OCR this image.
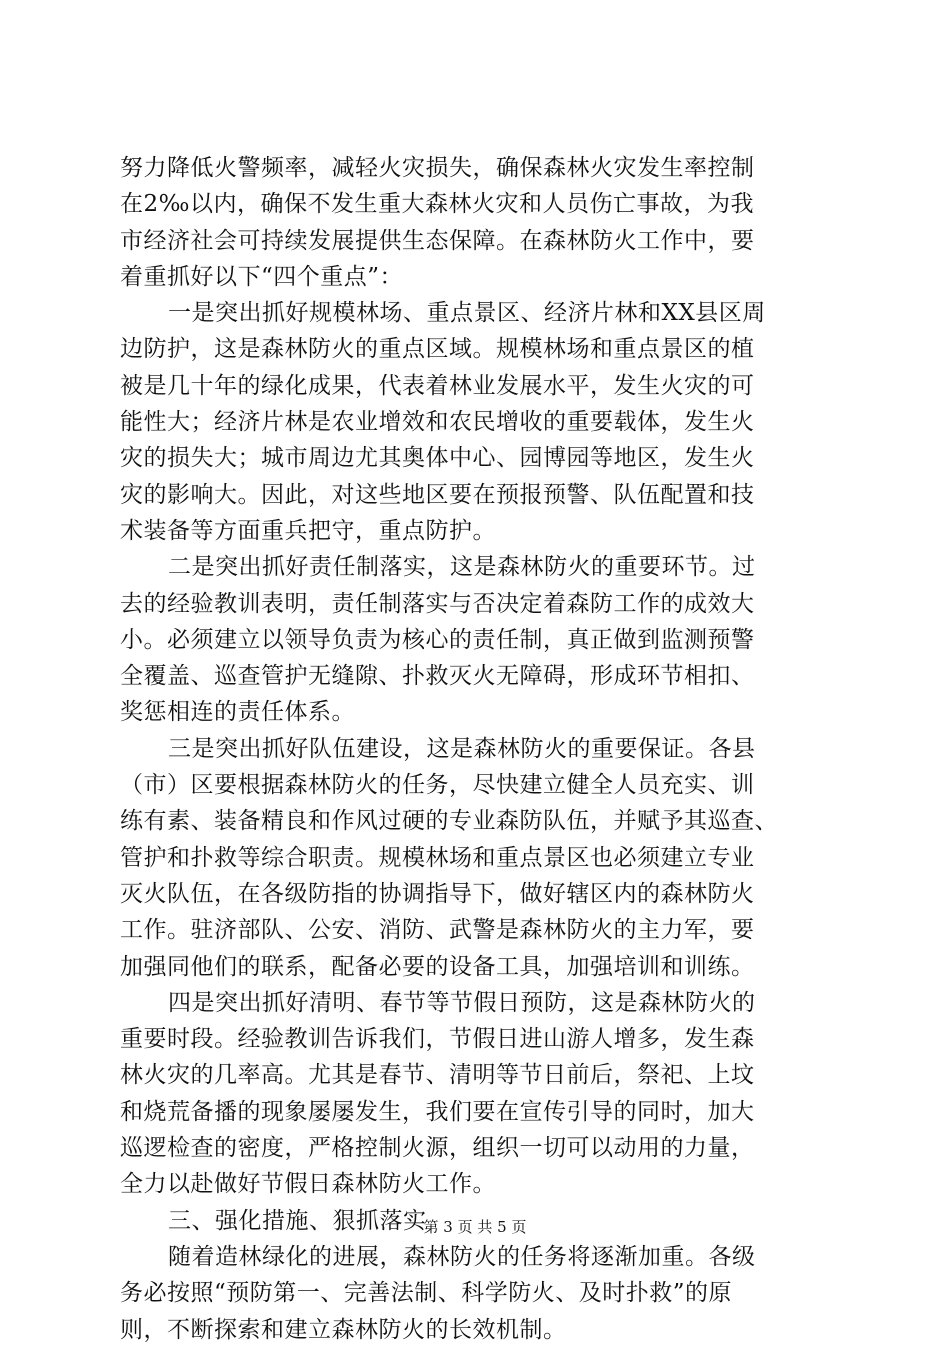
努力降低火警频率，减轻火灾损失，确保森林火灾发生率控制
在2‰以内，确保不发生重大森林火灾和人员伤亡事故，为我
市经济社会可持续发展提供生态保障。在森林防火工作中，要
着重抓好以下“四个重点”：
一是突出抓好规模林场、重点景区、经济片林和XX县区周
边防护，这是森林防火的重点区域。规模林场和重点景区的植
被是几十年的绿化成果，代表着林业发展水平，发生火灾的可
能性大；经济片林是农业增效和农民增收的重要载体，发生火
灾的损失大；城市周边尤其奥体中心、园博园等地区，发生火
灾的影响大。因此，对这些地区要在预报预警、队伍配置和技
术装备等方面重兵把守，重点防护。
二是突出抓好责任制落实，这是森林防火的重要环节。过
去的经验教训表明，责任制落实与否决定着森防工作的成效大
小。必须建立以领导负责为核心的责任制，真正做到监测预警
全覆盖、巡查管护无缝隙、扑救灭火无障碍，形成环节相扣、
奖惩相连的责任体系。
三是突出抓好队伍建设，这是森林防火的重要保证。各县
（市）区要根据森林防火的任务，尽快建立健全人员充实、训
练有素、装备精良和作风过硬的专业森防队伍，并赋予其巡查、
管护和扑救等综合职责。规模林场和重点景区也必须建立专业
灭火队伍，在各级防指的协调指导下，做好辖区内的森林防火
工作。驻济部队、公安、消防、武警是森林防火的主力军，要
加强同他们的联系，配备必要的设备工具，加强培训和训练。
四是突出抓好清明、春节等节假日预防，这是森林防火的
重要时段。经验教训告诉我们，节假日进山游人增多，发生森
林火灾的几率高。尤其是春节、清明等节日前后，祭祀、上坟
和烧荒备播的现象屡屡发生，我们要在宣传引导的同时，加大
巡逻检查的密度，严格控制火源，组织一切可以动用的力量，
全力以赴做好节假日森林防火工作。
三、强化措施、狠抓落实
随着造林绿化的进展，森林防火的任务将逐渐加重。各级
务必按照“预防第一、完善法制、科学防火、及时扑救”的原
则，不断探索和建立森林防火的长效机制。
第 3 页 共 5 页
